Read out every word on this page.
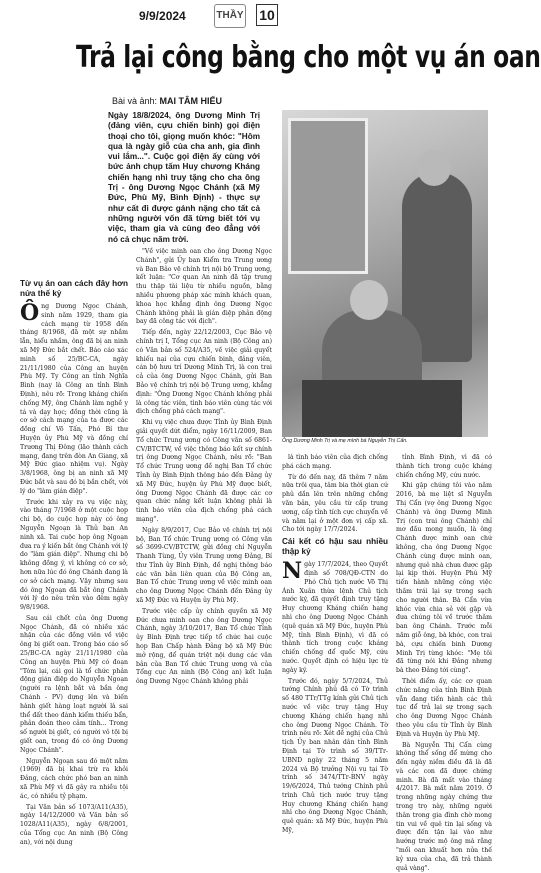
9/9/2024	THẦY 10
Trả lại công bằng cho một vụ án oan
Bài và ảnh: MAI TÂM HIẾU
Ngày 18/8/2024, ông Dương Minh Trị (đảng viên, cựu chiến binh) gọi điện thoại cho tôi, giọng muốn khóc: "Hôm qua là ngày giỗ của cha anh, gia đình vui lắm...". Cuộc gọi điện ấy cùng với bức ảnh chụp tấm Huy chương Kháng chiến hạng nhì truy tặng cho cha ông Trị - ông Dương Ngọc Chánh (xã Mỹ Đức, Phù Mỹ, Bình Định) - thực sự như cất đi được gánh nặng cho tất cả những người vốn đã từng biết tới vụ việc, tham gia và cùng đeo đẳng với nó cả chục năm trời.
Ông Dương Minh Trị và mẹ mình bà Nguyễn Thị Cẩn.
Từ vụ án oan cách đây hơn nửa thế kỷ

Ông Dương Ngọc Chánh, sinh năm 1929, tham gia cách mạng từ 1958 đến tháng 8/1968, đã một sự nhầm lẫn, hiểu nhầm, ông đã bị an ninh xã Mỹ Đức bắt chết. Báo cáo xác minh số 25/BC-CA, ngày 21/11/1980 của Công an huyện Phù Mỹ. Ty Công an tỉnh Nghĩa Bình (nay là Công an tỉnh Bình Định), nêu rõ: Trong kháng chiến chống Mỹ, ông Chánh làm nghề y tá và dạy học; đồng thời cũng là cơ sở cách mạng của ta được các đồng chí Võ Tấn, Phó Bí thư Huyện ủy Phù Mỹ và đồng chí Trương Thị Đông (lão thành cách mạng, đang trên đòn An Giang, xã Mỹ Đức giao nhiệm vụ). Ngày 3/8/1968, ông bị an ninh xã Mỹ Đức bắt và sau đó bị bắn chết, với lý do "làm gián điệp".

Trước khi xảy ra vụ việc này, vào tháng 7/1968 ở một cuộc họp chi bộ, do cuộc họp này có ông Nguyễn Ngoạn là Thủ bạn An ninh xã. Tai cuộc họp ông Ngoạn đưa ra ý kiến bắt ông Chánh với lý do "làm gián điệp". Nhưng chi bộ không đồng ý, vì không có cơ sở, hơn nữa lúc đó ông Chánh đang là cơ sở cách mạng. Vậy nhưng sau đó ông Ngoạn đã bắt ông Chánh với lý do nêu trên vào đêm ngày 9/8/1968.

Sau cái chết của ông Dương Ngọc Chánh, đã có nhiều xác nhận của các đồng viên về việc ông bị giết oan. Trong báo cáo số 25/BC-CA ngày 21/11/1980 của Công an huyện Phù Mỹ có đoạn "Tóm lại, cái gọi là tổ chức phản động gián điệp do Nguyễn Ngoạn (người ra lệnh bắt và bắn ông Chánh - PV) dựng lên và biến hành giết hàng loạt người là sai thể đất theo đánh kiểm thiếu bẩn, phản đoán theo cảm tính... Trong số người bị giết, có người vô tội bị giết oan, trong đó có ông Dương Ngọc Chánh".

Nguyễn Ngoạn sau đó một năm (1969) đã bị khai trừ ra khỏi Đảng, cách chức phó ban an ninh xã Phù Mỹ vì đã gây ra nhiều tội ác, có nhiều tỷ phạm.

Tại Văn bản số 1073/A11(A35), ngày 14/12/2000 và Văn bản số 1028/A11(A35), ngày 6/8/2001, của Tổng cục An ninh (Bộ Công an), với nội dung

"Về việc minh oan cho ông Dương Ngọc Chánh", gửi Ủy ban Kiểm tra Trung ương và Ban Bảo vệ chính trị nội bộ Trung ương, kết luận: "Cơ quan An ninh đã tập trung thu thập tài liệu từ nhiều nguồn, bằng nhiều phương pháp xác minh khách quan, khoa học khẳng định ông Dương Ngọc Chánh không phải là gián điệp phản động bay đã công tác với địch".

Tiếp đến, ngày 22/12/2003, Cục Bảo vệ chính trị I, Tổng cục An ninh (Bộ Công an) có Văn bản số 524/A35, về việc giải quyết khiếu nại của cựu chiến binh, đảng viên, cán bộ hưu trí Dương Minh Trị, là con trai cả của ông Dương Ngọc Chánh, gửi Ban Bảo vệ chính trị nội bộ Trung ương, khẳng định: "Ông Dương Ngọc Chánh không phải là công tác viên, tình báo viên cùng tác với dịch chống phá cách mạng".

Khi vụ việc chưa được Tỉnh ủy Bình Định giải quyết dứt điểm, ngày 16/11/2009, Ban Tổ chức Trung ương có Công văn số 6861-CV/BTCTW, về việc thông báo kết sự chính trị ông Dương Ngọc Chánh, nêu rõ: "Ban Tổ chức Trung ương đề nghị Ban Tổ chức Tỉnh ủy Bình Định thông báo đến Đảng ủy xã Mỹ Đức, huyện ủy Phù Mỹ được biết, ông Dương Ngọc Chánh đã được các cơ quan chức năng kết luận không phải là tình báo viên của địch chống phá cách mạng".

Ngày 8/9/2017, Cục Bảo vệ chính trị nội bộ, Ban Tổ chức Trung ương có Công văn số 3699-CV/BTCTW, gửi đồng chí Nguyễn Thanh Tùng, Ủy viên Trung ương Đảng, Bí thư Tỉnh ủy Bình Định, đề nghị thông báo các văn bản liên quan của Bộ Công an, Ban Tổ chức Trung ương về việc minh oan cho ông Dương Ngọc Chánh đến Đảng ủy xã Mỹ Đức và Huyện ủy Phù Mỹ.

Trước việc cấp ủy chính quyền xã Mỹ Đức chưa minh oan cho ông Dương Ngọc Chánh, ngày 3/10/2017, Ban Tổ chức Tỉnh ủy Bình Định trực tiếp tổ chức hai cuộc họp Ban Chấp hành Đảng bộ xã Mỹ Đức mở rộng, để quán triệt nội dung các văn bản của Ban Tổ chức Trung ương và của Tổng cục An ninh (Bộ Công an) kết luận ông Dương Ngọc Chánh không phải

là tình báo viên của địch chống phá cách mạng.

Từ đó đến nay, đã thêm 7 năm nữa trôi qua, tâm bia thời gian cứ phủ dần lên trên những chồng văn bản, yêu cầu từ cấp trung ương, cấp tỉnh tích cực chuyển về và nằm lại ở một đơn vị cấp xã. Cho tới ngày 17/7/2024.

Cái kết có hậu sau nhiều thập kỷ

Ngày 17/7/2024, theo Quyết định số 708/QĐ-CTN do Phó Chủ tịch nước Võ Thị Ánh Xuân thừa lệnh Chủ tịch nước ký, đã quyết định truy tặng Huy chương Kháng chiến hạng nhì cho ông Dương Ngọc Chánh (quê quán xã Mỹ Đức, huyện Phù Mỹ, tỉnh Bình Định), vì đã có thành tích trong cuộc kháng chiến chống để quốc Mỹ, cứu nước. Quyết định có hiệu lực từ ngày ký.

Trước đó, ngày 5/7/2024, Thủ tướng Chính phủ đã có Tờ trình số 480 TTr/TTg kính gửi Chủ tịch nước về việc truy tặng Huy chương Kháng chiến hạng nhì cho ông Dương Ngọc Chánh. Tờ trình nêu rõ: Xét đề nghị của Chủ tịch Ủy ban nhân dân tỉnh Bình Định tại Tờ trình số 39/TTr-UBND ngày 22 tháng 5 năm 2024 và Bộ trưởng Nội vụ tại Tờ trình số 3474/TTr-BNV ngày 19/6/2024, Thủ tướng Chính phủ trình Chủ tịch nước truy tặng Huy chương Kháng chiến hạng nhì cho ông Dương Ngọc Chánh, quê quán: xã Mỹ Đức, huyện Phù Mỹ,

tỉnh Bình Định, vì đã có thành tích trong cuộc kháng chiến chống Mỹ, cứu nước.

Khi gặp chúng tôi vào năm 2016, bà mẹ liệt sĩ Nguyễn Thị Cẩn (vợ ông Dương Ngọc Chánh) và ông Dương Minh Trị (con trai ông Chánh) chỉ mơ đầu mong muốn, là ông Chánh được minh oan chứ không, cha ông Dương Ngọc Chánh cùng được minh oan, nhưng quê nhà chưa được gặp lại kịp thời. Huyện Phù Mỹ tiến hành những công việc thăm trái lại sự trong sạch cho người thân. Bà Cẩn vừa khóc vừa chia sẻ với gặp và đưa chúng tôi về trước thăm ban ông Chánh. Trước mỗi năm giỗ ông, bà khóc, con trai bà, cựu chiến binh Dương Minh Trị từng khóc: "Mẹ tôi đã từng nói khi Đảng nhưng bà theo Đảng tới cùng".

Thời điểm ấy, các cơ quan chức năng của tỉnh Bình Định vẫn đang tiến hành các thủ tục để trả lại sự trong sạch cho ông Dương Ngọc Chánh theo yêu cầu từ Tỉnh ủy Bình Định và Huyện ủy Phù Mỹ.

Bà Nguyễn Thị Cẩn cùng không thể sống để mừng cho đến ngày niềm điều đã là đã và các con đã được chứng minh. Bà đã mất vào tháng 4/2017. Bà mất năm 2019. Ở trong những ngày chứng thư trong trọ này, những người thân trong gia đình chờ mong tin vui về quê tin lại sống và được đến tận lại vào như hướng trước mộ ông mà rằng "mối oan khuất hơn nửa thế kỷ xưa của cha, đã trả thành quả vàng".
